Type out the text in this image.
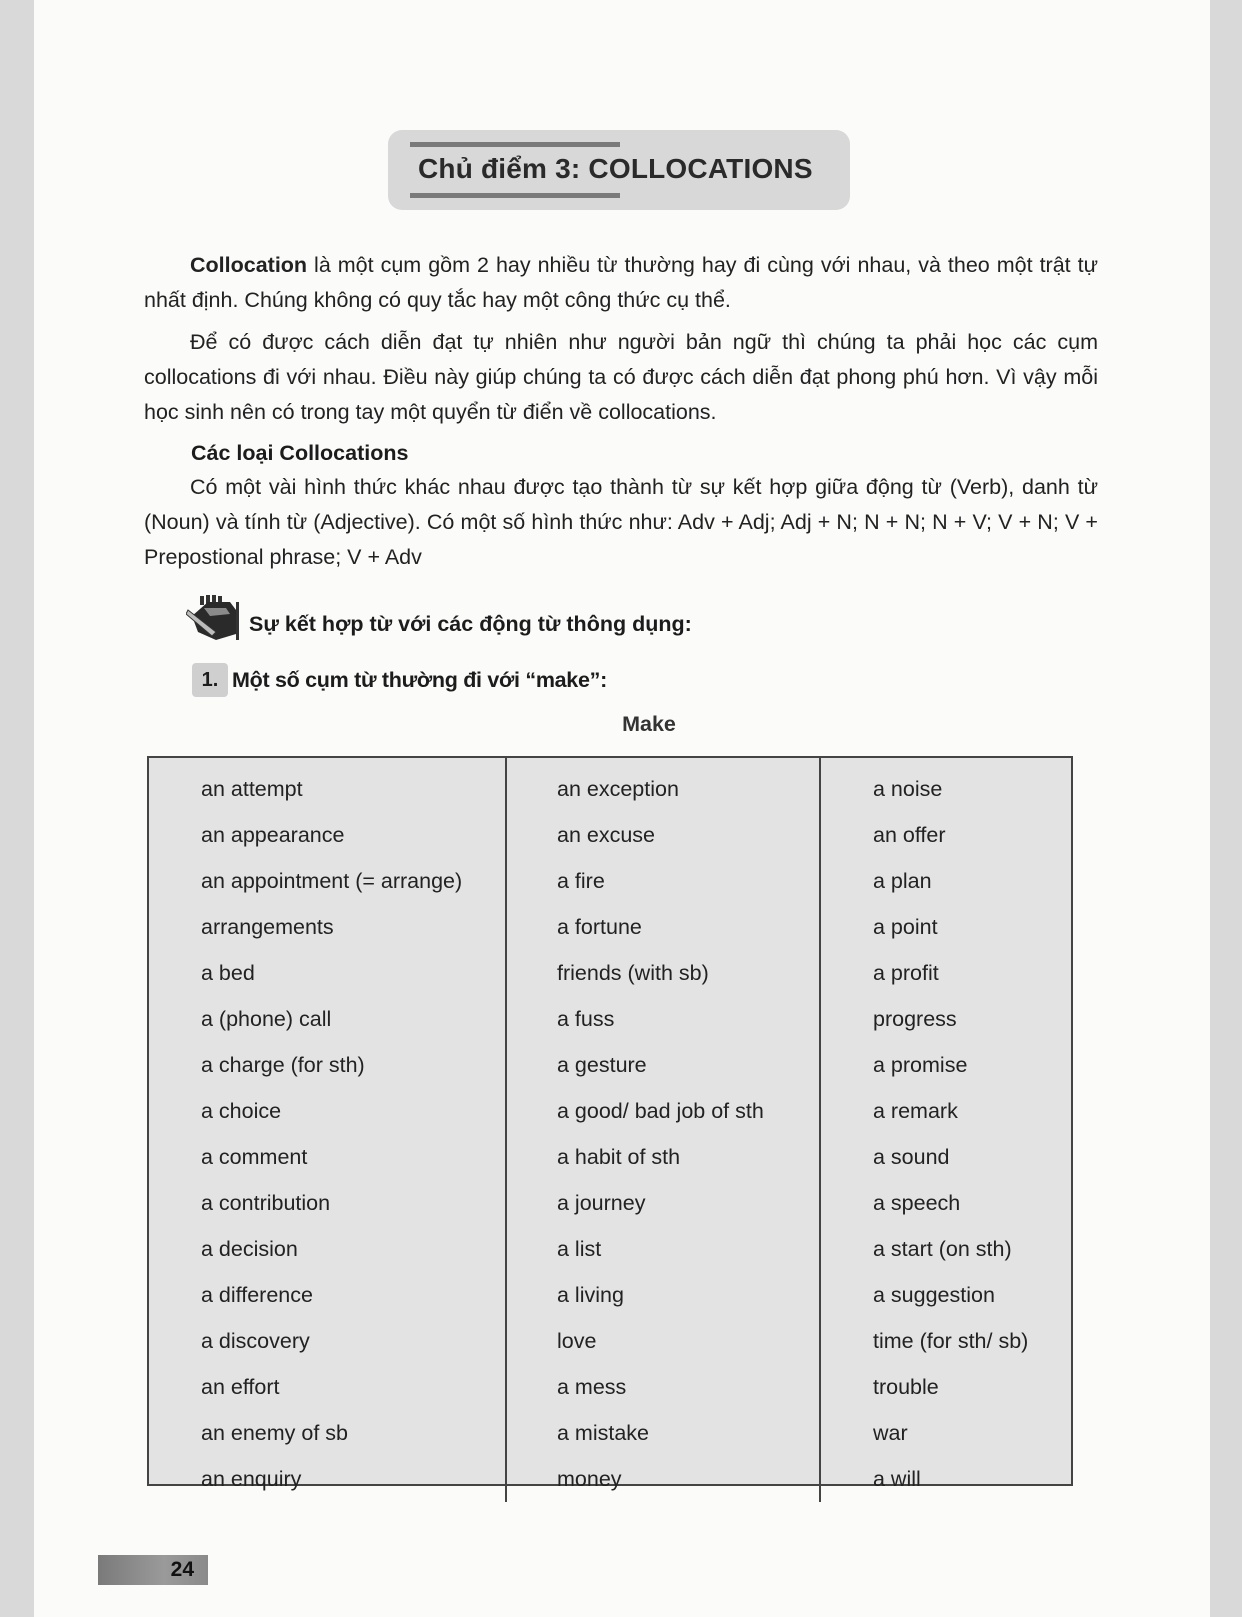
Chủ điểm 3: COLLOCATIONS
Collocation là một cụm gồm 2 hay nhiều từ thường hay đi cùng với nhau, và theo một trật tự nhất định. Chúng không có quy tắc hay một công thức cụ thể.
Để có được cách diễn đạt tự nhiên như người bản ngữ thì chúng ta phải học các cụm collocations đi với nhau. Điều này giúp chúng ta có được cách diễn đạt phong phú hơn. Vì vậy mỗi học sinh nên có trong tay một quyển từ điển về collocations.
Các loại Collocations
Có một vài hình thức khác nhau được tạo thành từ sự kết hợp giữa động từ (Verb), danh từ (Noun) và tính từ (Adjective). Có một số hình thức như: Adv + Adj; Adj + N; N + N; N + V; V + N; V + Prepostional phrase; V + Adv
Sự kết hợp từ với các động từ thông dụng:
1. Một số cụm từ thường đi với “make”:
Make
an attempt
an appearance
an appointment (= arrange)
arrangements
a bed
a (phone) call
a charge (for sth)
a choice
a comment
a contribution
a decision
a difference
a discovery
an effort
an enemy of sb
an enquiry
an exception
an excuse
a fire
a fortune
friends (with sb)
a fuss
a gesture
a good/ bad job of sth
a habit of sth
a journey
a list
a living
love
a mess
a mistake
money
a noise
an offer
a plan
a point
a profit
progress
a promise
a remark
a sound
a speech
a start (on sth)
a suggestion
time (for sth/ sb)
trouble
war
a will
24
